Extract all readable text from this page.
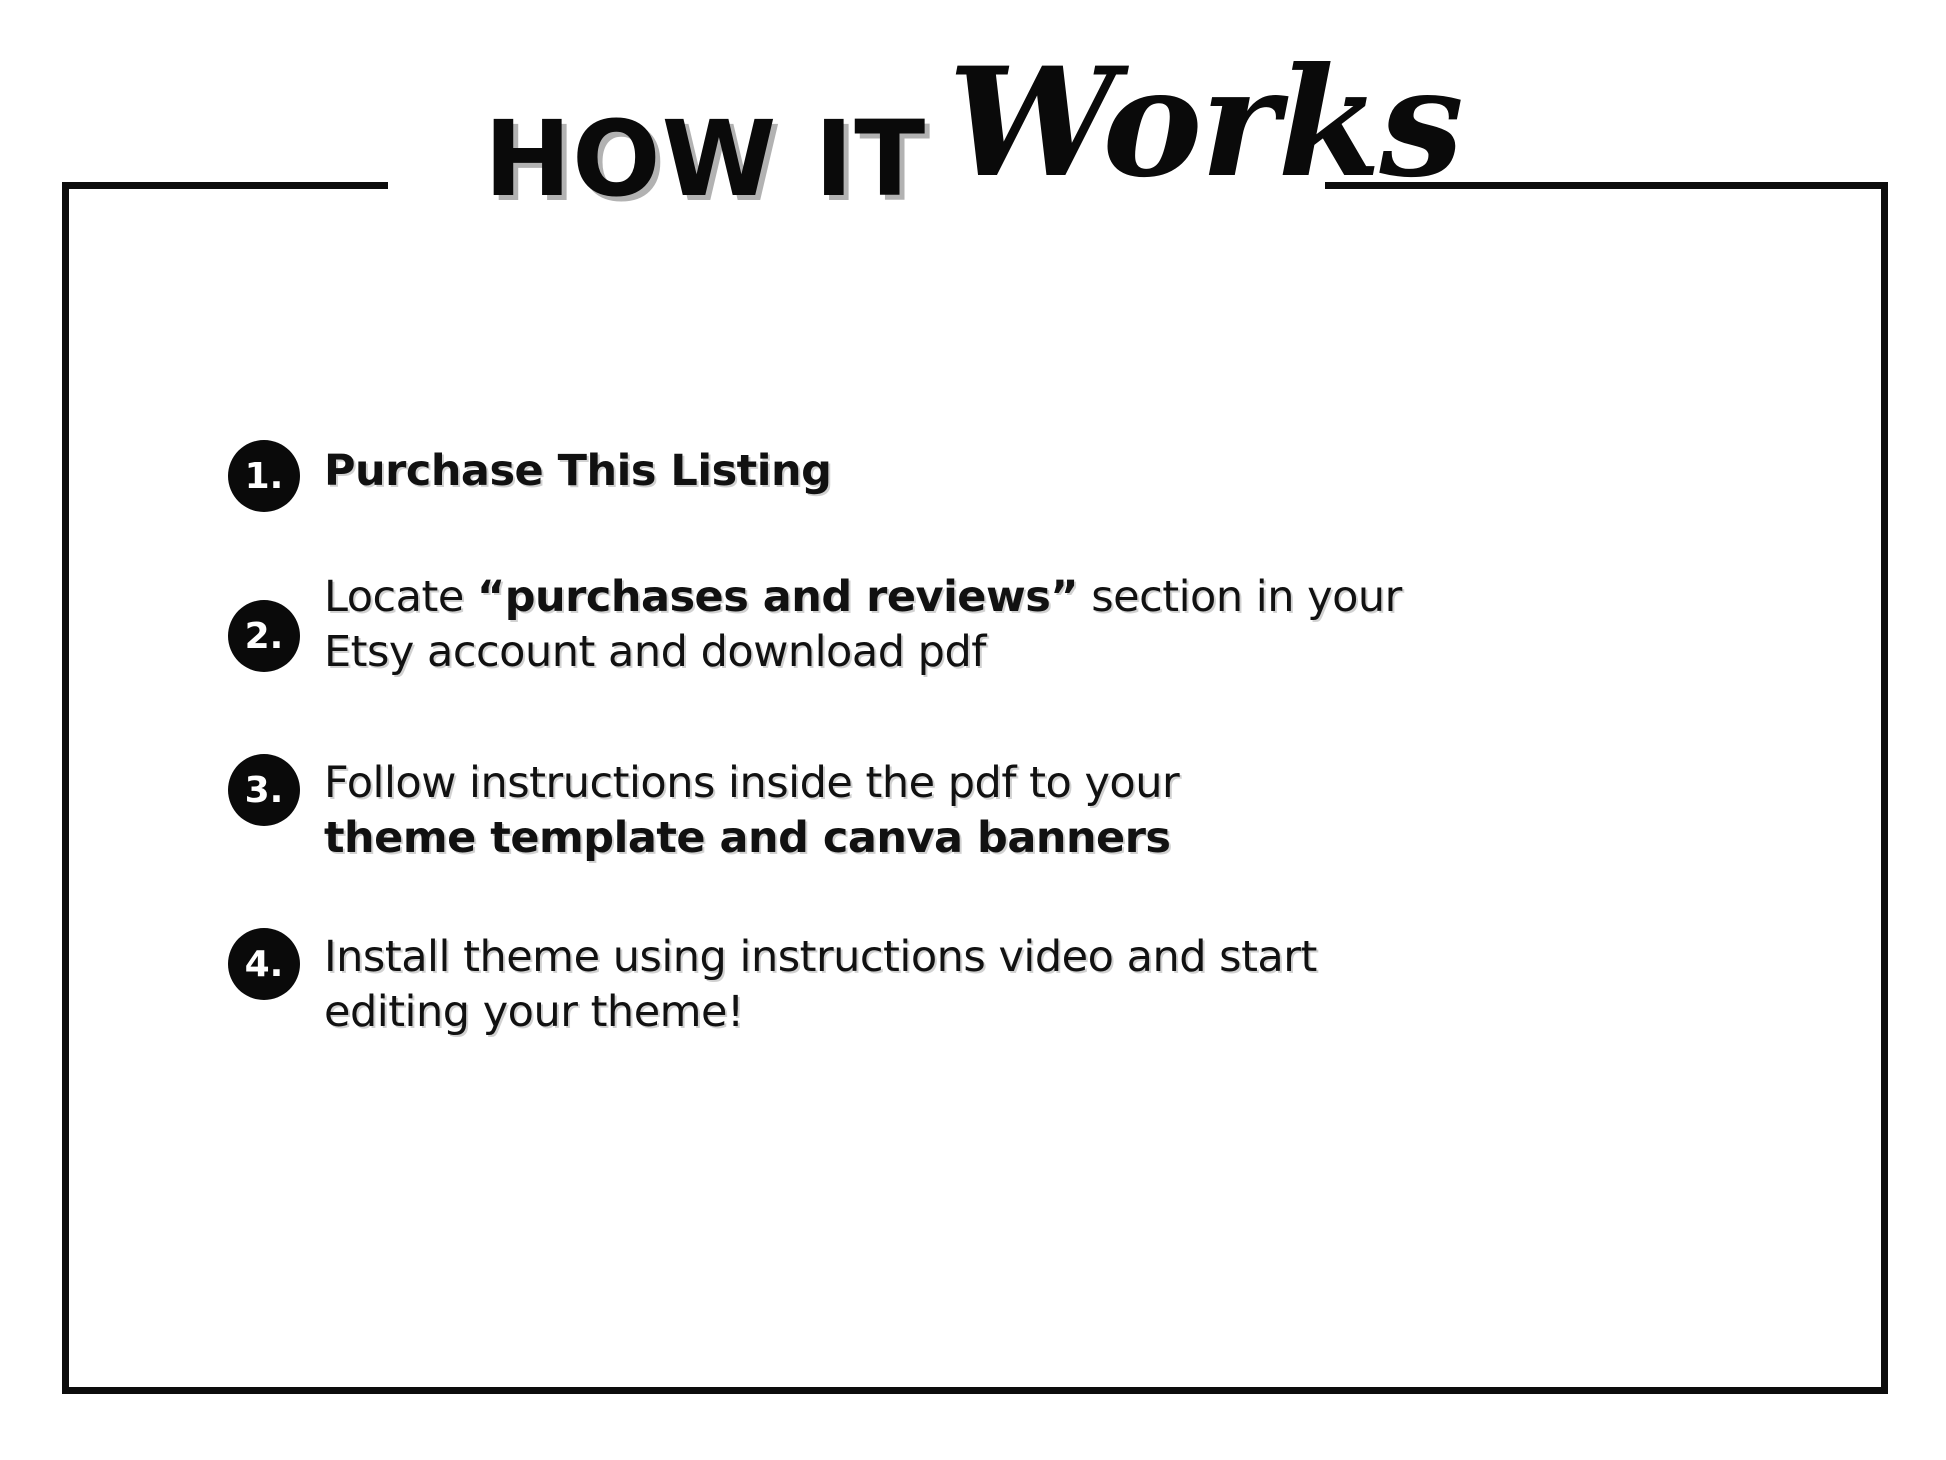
HOW IT Works
1. Purchase This Listing
2.
Locate “purchases and reviews” section in your
Etsy account and download pdf
3. Follow instructions inside the pdf to your
theme template and canva banners
4. Install theme using instructions video and start
editing your theme!
